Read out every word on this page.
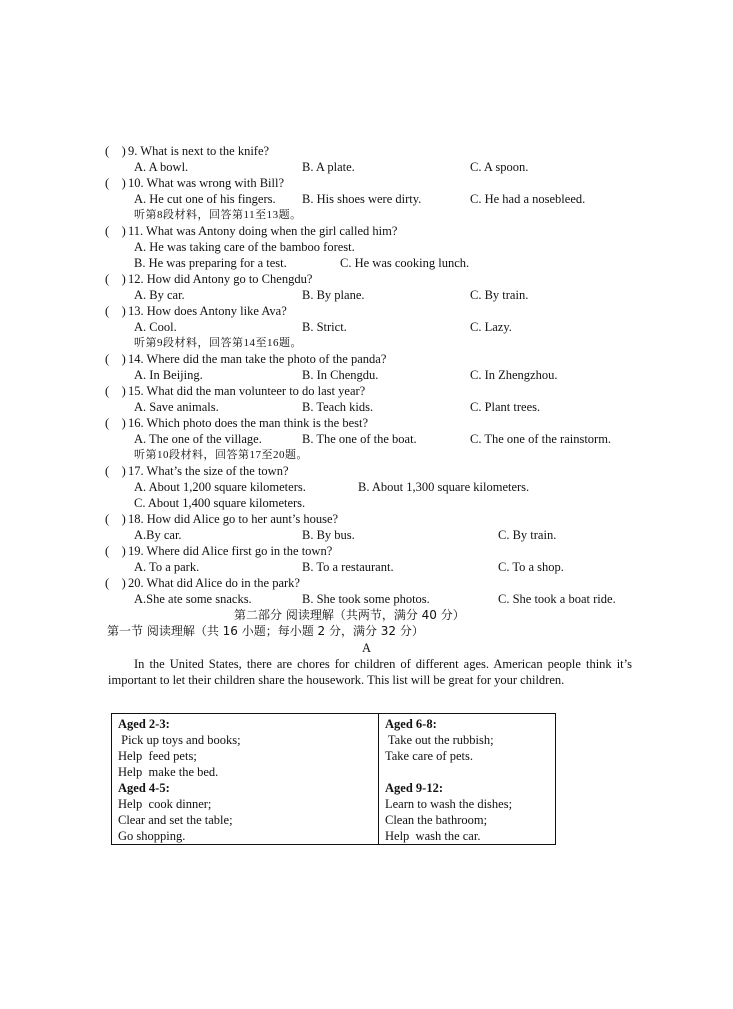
(    ) 9. What is next to the knife?
A. A bowl.	B. A plate.	C. A spoon.
(    ) 10. What was wrong with Bill?
A. He cut one of his fingers. B. His shoes were dirty.	C. He had a nosebleed.
听第8段材料，回答第11至13题。
(    ) 11. What was Antony doing when the girl called him?
A. He was taking care of the bamboo forest.
B. He was preparing for a test.	C. He was cooking lunch.
(    ) 12. How did Antony go to Chengdu?
A. By car.	B. By plane.	C. By train.
(    ) 13. How does Antony like Ava?
A. Cool.	B. Strict.	C. Lazy.
听第9段材料，回答第14至16题。
(    ) 14. Where did the man take the photo of the panda?
A. In Beijing.	B. In Chengdu.	C. In Zhengzhou.
(    ) 15. What did the man volunteer to do last year?
A. Save animals.	B. Teach kids.	C. Plant trees.
(    ) 16. Which photo does the man think is the best?
A. The one of the village.	B. The one of the boat.	C. The one of the rainstorm.
听第10段材料，回答第17至20题。
(    ) 17. What’s the size of the town?
A. About 1,200 square kilometers.	B. About 1,300 square kilometers.
C. About 1,400 square kilometers.
(    ) 18. How did Alice go to her aunt’s house?
A.By car.	B. By bus.	C. By train.
(    ) 19. Where did Alice first go in the town?
A. To a park.	B. To a restaurant.	C. To a shop.
(    ) 20. What did Alice do in the park?
A.She ate some snacks.	B. She took some photos.	C. She took a boat ride.
第二部分 阅读理解（共两节，满分 40 分）
第一节 阅读理解（共 16 小题；每小题 2 分，满分 32 分）
A

In the United States, there are chores for children of different ages. American people think it’s important to let their children share the housework. This list will be great for your children.

Aged 2-3:
Pick up toys and books;
Help  feed pets;
Help  make the bed.
Aged 4-5:
Help  cook dinner;
Clear and set the table;
Go shopping.

Aged 6-8:
Take out the rubbish;
Take care of pets.
Aged 9-12:
Learn to wash the dishes;
Clean the bathroom;
Help  wash the car.
